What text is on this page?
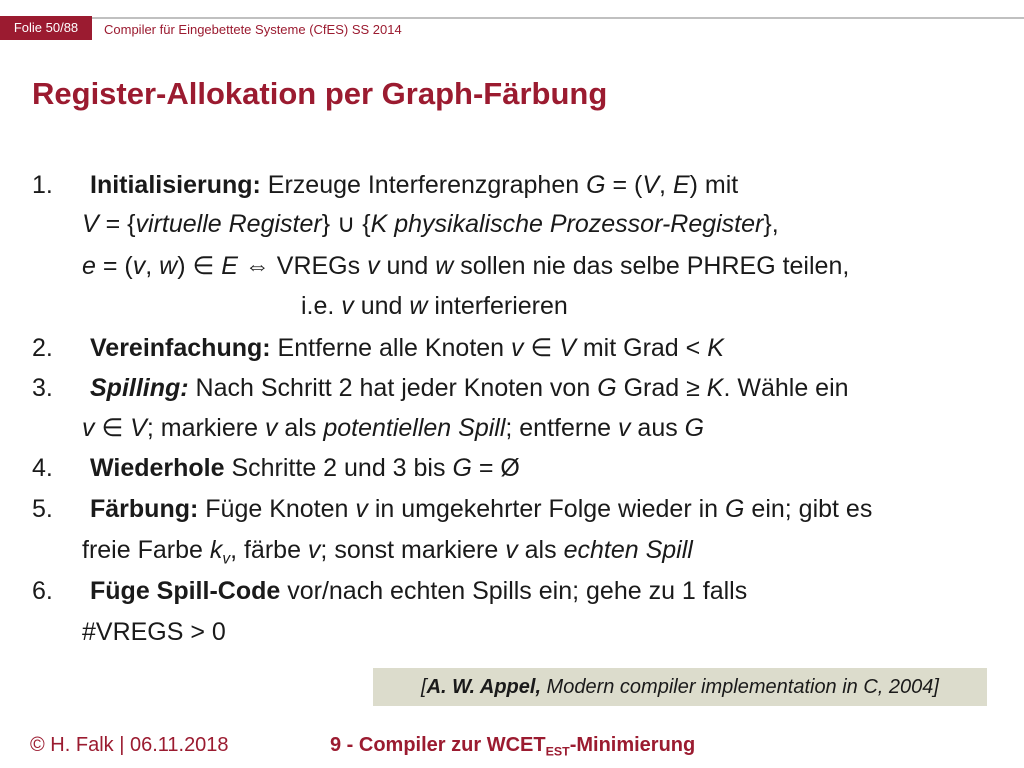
Folie 50/88	Compiler für Eingebettete Systeme (CfES) SS 2014
Register-Allokation per Graph-Färbung
1. Initialisierung: Erzeuge Interferenzgraphen G = (V, E) mit
V = {virtuelle Register} ∪ {K physikalische Prozessor-Register},
e = (v, w) ∈ E ⇔ VREGs v und w sollen nie das selbe PHREG teilen,
i.e. v und w interferieren
2. Vereinfachung: Entferne alle Knoten v ∈ V mit Grad < K
3. Spilling: Nach Schritt 2 hat jeder Knoten von G Grad ≥ K. Wähle ein
v ∈ V; markiere v als potentiellen Spill; entferne v aus G
4. Wiederhole Schritte 2 und 3 bis G = Ø
5. Färbung: Füge Knoten v in umgekehrter Folge wieder in G ein; gibt es
freie Farbe $k_v$, färbe v; sonst markiere v als echten Spill
6. Füge Spill-Code vor/nach echten Spills ein; gehe zu 1 falls
#VREGS > 0
[A. W. Appel, Modern compiler implementation in C, 2004]
© H. Falk | 06.11.2018	9 - Compiler zur $WCET_{EST}$-Minimierung
